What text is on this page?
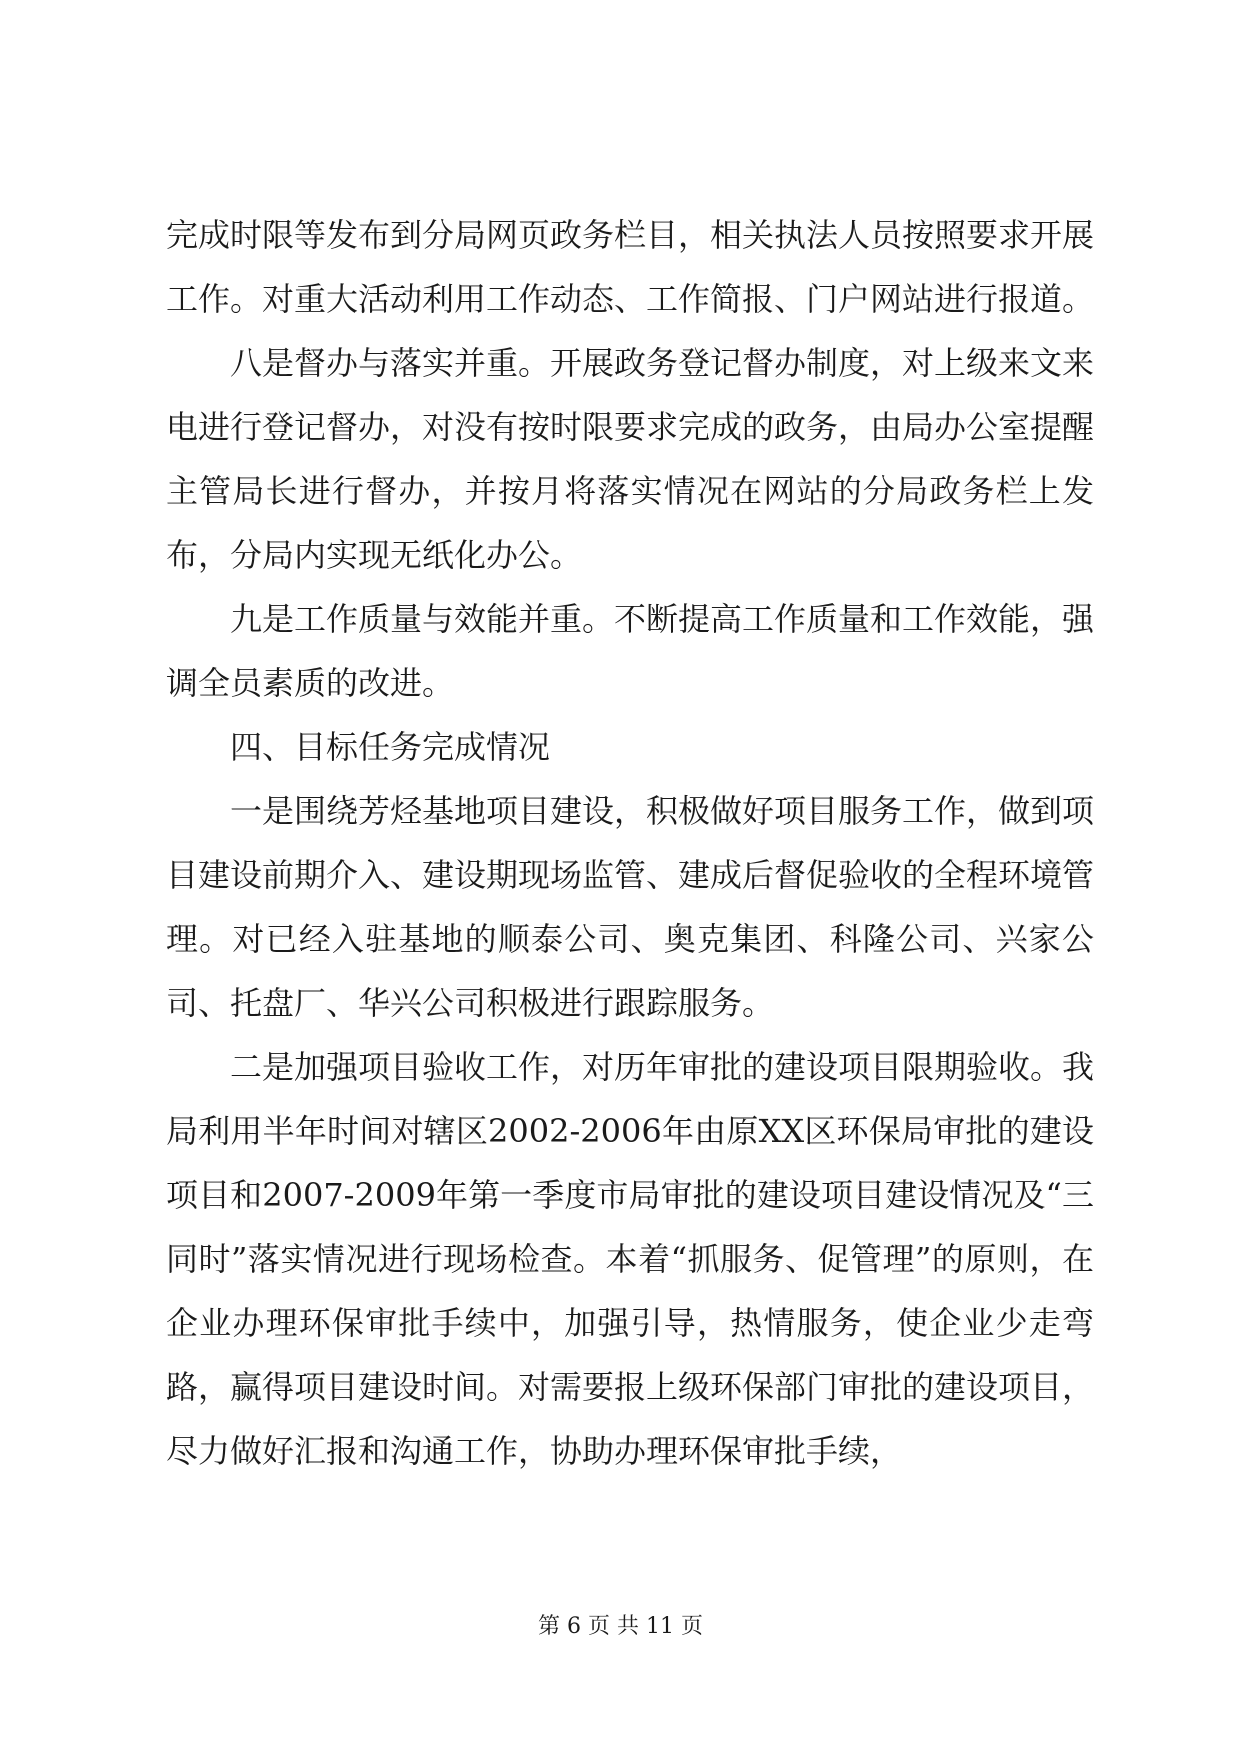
完成时限等发布到分局网页政务栏目，相关执法人员按照要求开展工作。对重大活动利用工作动态、工作简报、门户网站进行报道。

八是督办与落实并重。开展政务登记督办制度，对上级来文来电进行登记督办，对没有按时限要求完成的政务，由局办公室提醒主管局长进行督办，并按月将落实情况在网站的分局政务栏上发布，分局内实现无纸化办公。

九是工作质量与效能并重。不断提高工作质量和工作效能，强调全员素质的改进。

四、目标任务完成情况

一是围绕芳烃基地项目建设，积极做好项目服务工作，做到项目建设前期介入、建设期现场监管、建成后督促验收的全程环境管理。对已经入驻基地的顺泰公司、奥克集团、科隆公司、兴家公司、托盘厂、华兴公司积极进行跟踪服务。

二是加强项目验收工作，对历年审批的建设项目限期验收。我局利用半年时间对辖区2002-2006年由原XX区环保局审批的建设项目和2007-2009年第一季度市局审批的建设项目建设情况及“三同时”落实情况进行现场检查。本着“抓服务、促管理”的原则，在企业办理环保审批手续中，加强引导，热情服务，使企业少走弯路，赢得项目建设时间。对需要报上级环保部门审批的建设项目，尽力做好汇报和沟通工作，协助办理环保审批手续，

第 6 页 共 11 页
